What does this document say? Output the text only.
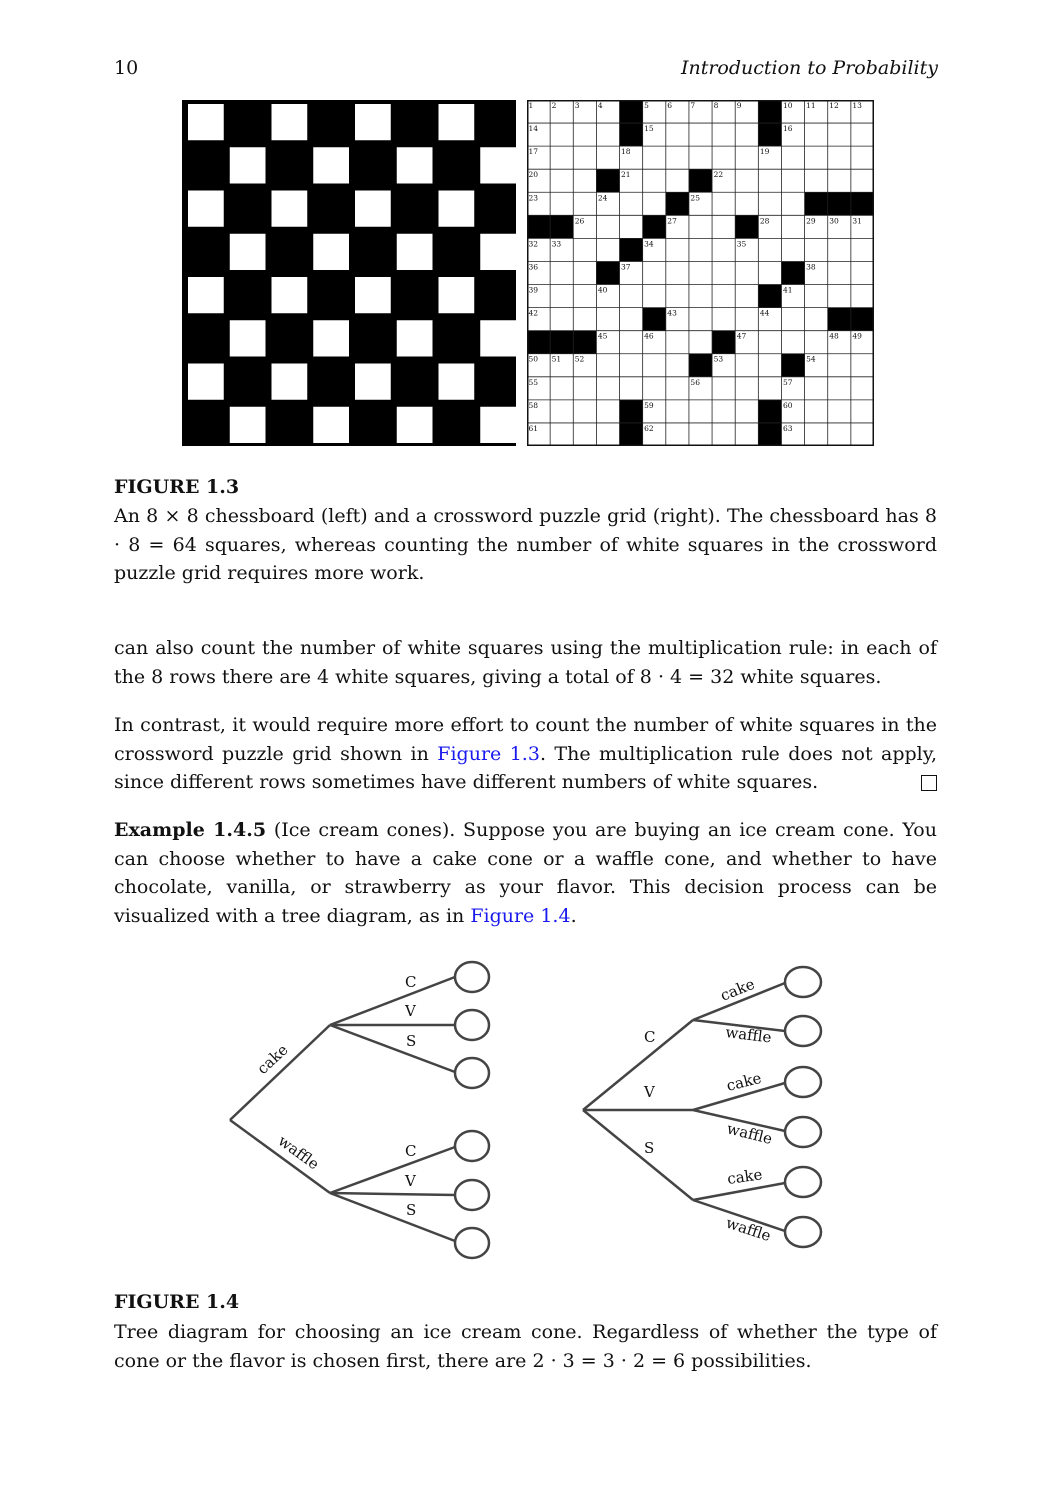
10	Introduction to Probability
1 2 3 4	5 6 7 8 9	10 11 12 13
14	15	16
17	18	19
20	21	22
23	24	25
26	27	28	29 30 31
32 33	34	35
36	37	38
39	40	41
42	43	44
45	46	47	48 49
50 51 52	53	54
55	56	57
58	59	60
61	62	63
FIGURE 1.3
An 8 × 8 chessboard (left) and a crossword puzzle grid (right). The chessboard has 8 · 8 = 64 squares, whereas counting the number of white squares in the crossword puzzle grid requires more work.
can also count the number of white squares using the multiplication rule: in each of the 8 rows there are 4 white squares, giving a total of 8 · 4 = 32 white squares.
In contrast, it would require more effort to count the number of white squares in the crossword puzzle grid shown in Figure 1.3. The multiplication rule does not apply, since different rows sometimes have different numbers of white squares.
Example 1.4.5 (Ice cream cones). Suppose you are buying an ice cream cone. You can choose whether to have a cake cone or a waffle cone, and whether to have chocolate, vanilla, or strawberry as your flavor. This decision process can be visualized with a tree diagram, as in Figure 1.4.
cake
waffle
C
V
S
C
V
S
C
V
S
cake
waffle
cake
waffle
cake
waffle
FIGURE 1.4
Tree diagram for choosing an ice cream cone. Regardless of whether the type of cone or the flavor is chosen first, there are 2 · 3 = 3 · 2 = 6 possibilities.
